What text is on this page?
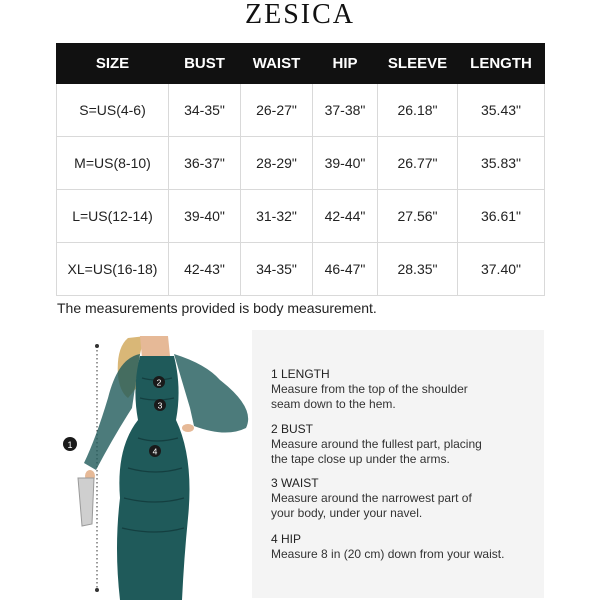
ZESICA
SIZE	BUST	WAIST	HIP	SLEEVE	LENGTH
S=US(4-6)	34-35"	26-27"	37-38"	26.18"	35.43"
M=US(8-10)	36-37"	28-29"	39-40"	26.77"	35.83"
L=US(12-14)	39-40"	31-32"	42-44"	27.56"	36.61"
XL=US(16-18)	42-43"	34-35"	46-47"	28.35"	37.40"
The measurements provided is body measurement.
1
2
3
4
1 LENGTH
Measure from the top of the shoulder
seam down to the hem.
2 BUST
Measure around the fullest part, placing
the tape close up under the arms.
3 WAIST
Measure around the narrowest part of
your body, under your navel.
4 HIP
Measure 8 in (20 cm) down from your waist.
